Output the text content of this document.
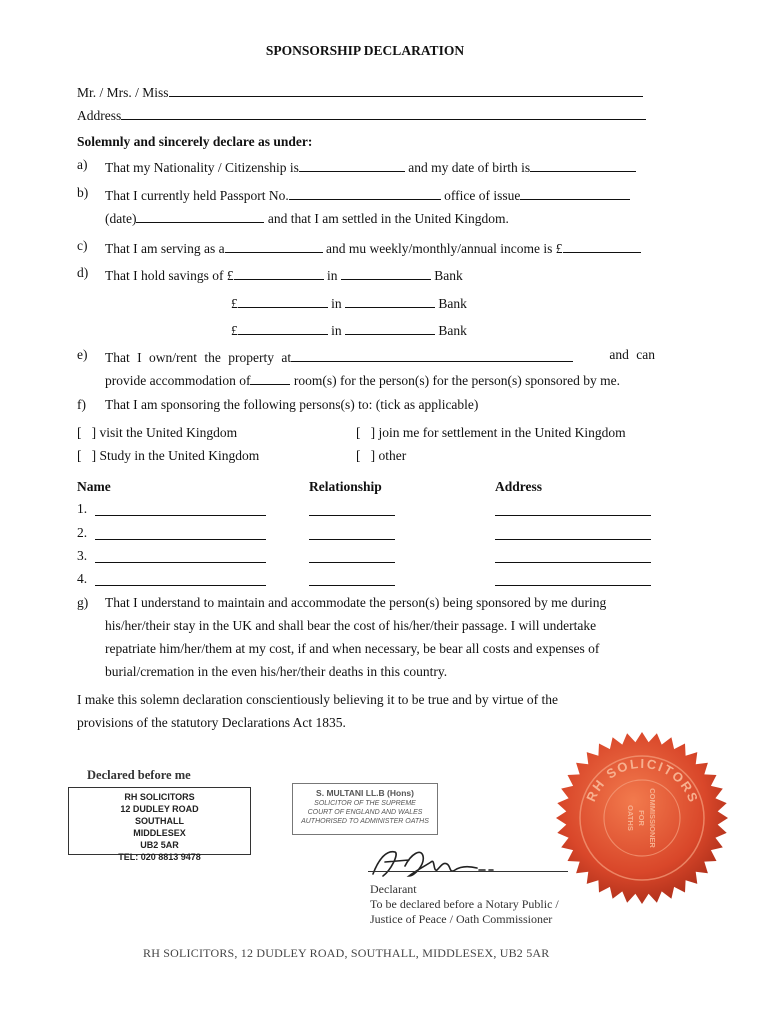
SPONSORSHIP DECLARATION
Mr. / Mrs. / Miss
Address
Solemnly and sincerely declare as under:
a) That my Nationality / Citizenship is	and my date of birth is
b) That I currently held Passport No.	office of issue
(date)	and that I am settled in the United Kingdom.
c) That I am serving as a	and mu weekly/monthly/annual income is £
d) That I hold savings of £	in	Bank
£	in	Bank
£	in	Bank
e) That I own/rent the property at	and can
provide accommodation of	room(s) for the person(s) for the person(s) sponsored by me.
f) That I am sponsoring the following persons(s) to: (tick as applicable)
[   ] visit the United Kingdom	[   ] join me for settlement in the United Kingdom
[   ] Study in the United Kingdom	[   ] other
Name	Relationship	Address
1.
2.
3.
4.
g) That I understand to maintain and accommodate the person(s) being sponsored by me during
his/her/their stay in the UK and shall bear the cost of his/her/their passage. I will undertake
repatriate him/her/them at my cost, if and when necessary, be bear all costs and expenses of
burial/cremation in the even his/her/their deaths in this country.
I make this solemn declaration conscientiously believing it to be true and by virtue of the
provisions of the statutory Declarations Act 1835.
Declared before me
RH SOLICITORS
12 DUDLEY ROAD
SOUTHALL
MIDDLESEX
UB2 5AR
TEL: 020 8813 9478
S. MULTANI LL.B (Hons)
SOLICITOR OF THE SUPREME
COURT OF ENGLAND AND WALES
AUTHORISED TO ADMINISTER OATHS
RH SOLICITORS
COMMISSIONER
FOR
OATHS
Declarant
To be declared before a Notary Public /
Justice of Peace / Oath Commissioner
RH SOLICITORS, 12 DUDLEY ROAD, SOUTHALL, MIDDLESEX, UB2 5AR
